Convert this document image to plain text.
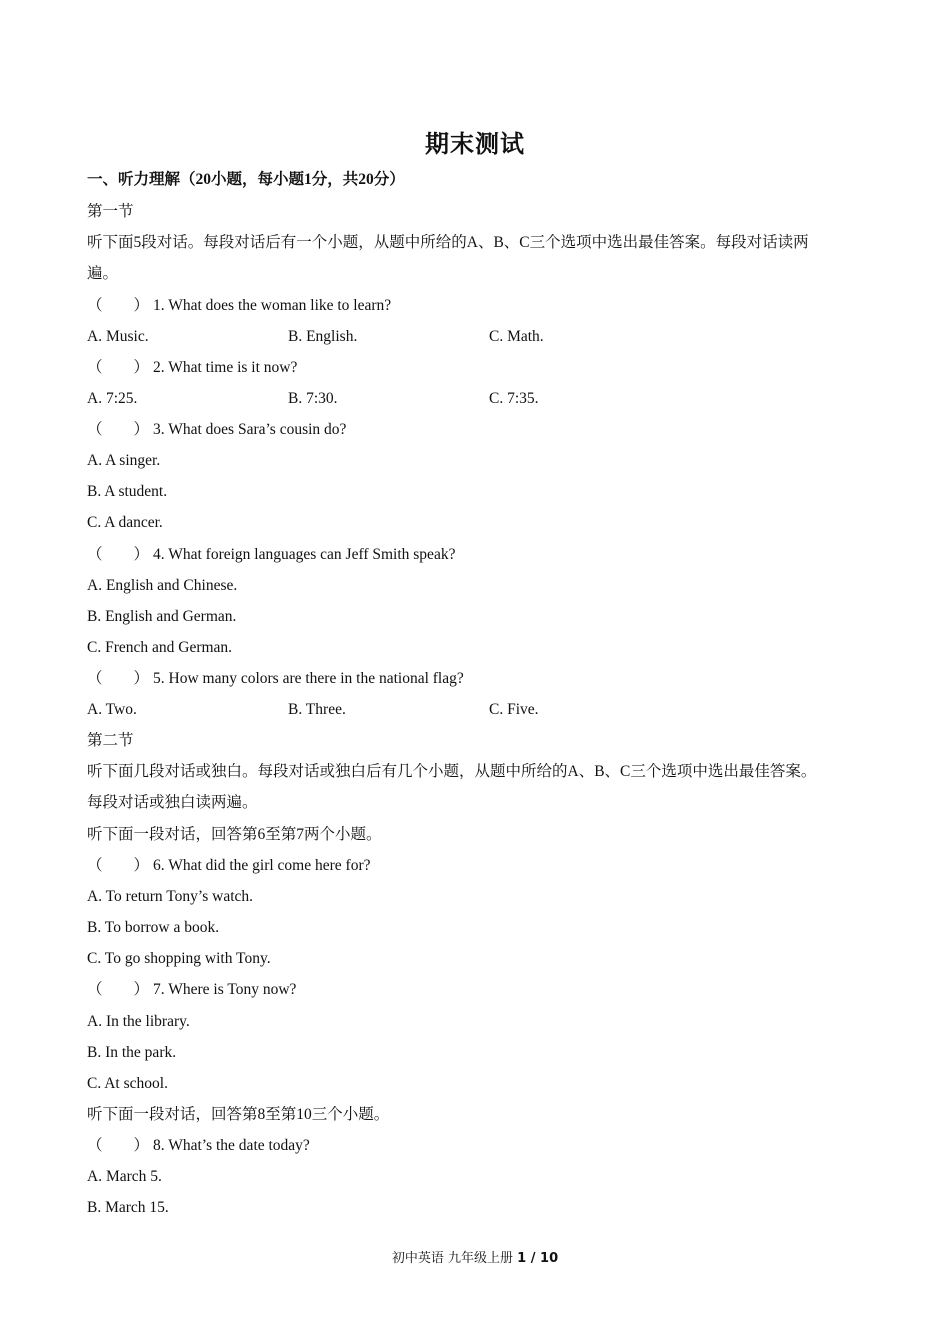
期末测试
一、听力理解（20小题，每小题1分，共20分）
第一节
听下面5段对话。每段对话后有一个小题，从题中所给的A、B、C三个选项中选出最佳答案。每段对话读两
遍。
（　　） 1. What does the woman like to learn?
A. Music.	B. English.	C. Math.
（　　） 2. What time is it now?
A. 7:25.	B. 7:30.	C. 7:35.
（　　） 3. What does Sara’s cousin do?
A. A singer.
B. A student.
C. A dancer.
（　　） 4. What foreign languages can Jeff Smith speak?
A. English and Chinese.
B. English and German.
C. French and German.
（　　） 5. How many colors are there in the national flag?
A. Two.	B. Three.	C. Five.
第二节
听下面几段对话或独白。每段对话或独白后有几个小题，从题中所给的A、B、C三个选项中选出最佳答案。
每段对话或独白读两遍。
听下面一段对话，回答第6至第7两个小题。
（　　） 6. What did the girl come here for?
A. To return Tony’s watch.
B. To borrow a book.
C. To go shopping with Tony.
（　　） 7. Where is Tony now?
A. In the library.
B. In the park.
C. At school.
听下面一段对话，回答第8至第10三个小题。
（　　） 8. What’s the date today?
A. March 5.
B. March 15.
初中英语 九年级上册 1 / 10
